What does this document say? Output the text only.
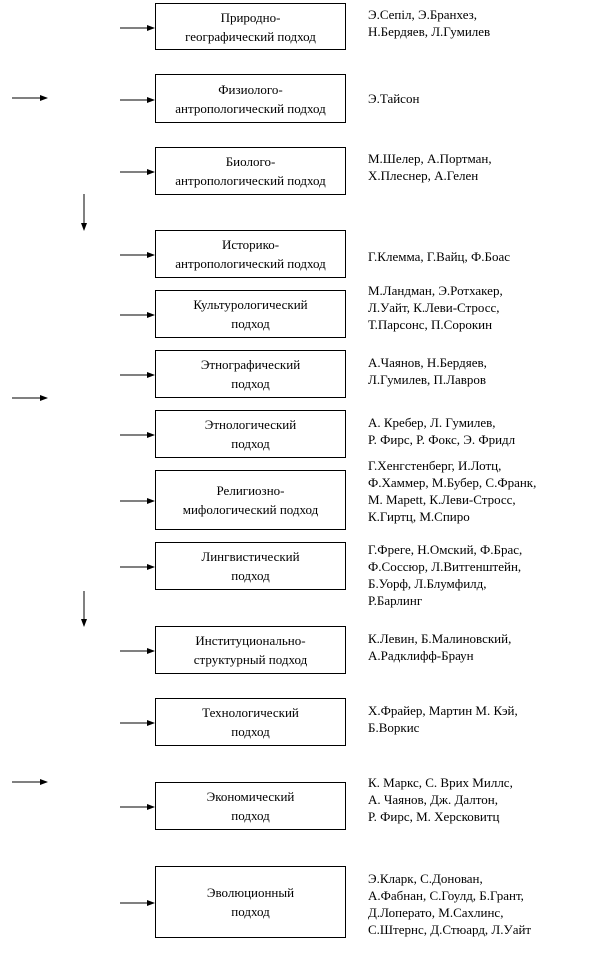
Природно-
географический подход
Э.Сепіл, Э.Бранхез,
Н.Бердяев, Л.Гумилев
Физиолого-
антропологический подход
Э.Тайсон
Биолого-
антропологический подход
М.Шелер, А.Портман,
Х.Плеснер, А.Гелен
Историко-
антропологический подход	Г.Клемма, Г.Вайц, Ф.Боас
Культурологический
подход
М.Ландман, Э.Ротхакер,
Л.Уайт, К.Леви-Стросс,
Т.Парсонс, П.Сорокин
Этнографический
подход
А.Чаянов, Н.Бердяев,
Л.Гумилев, П.Лавров
Этнологический
подход
А. Кребер, Л. Гумилев,
Р. Фирс, Р. Фокс, Э. Фридл
Религиозно-
мифологический подход
Г.Хенгстенберг, И.Лотц,
Ф.Хаммер, М.Бубер, С.Франк,
М. Марett, К.Леви-Стросс,
К.Гиртц, М.Спиро
Лингвистический
подход
Г.Фреге, Н.Омский, Ф.Брас,
Ф.Соссюр, Л.Витгенштейн,
Б.Уорф, Л.Блумфилд,
Р.Барлинг
Институционально-
структурный подход
К.Левин, Б.Малиновский,
А.Радклифф-Браун
Технологический
подход
Х.Фрайер, Мартин М. Кэй,
Б.Воркис
Экономический
подход
К. Маркс, С. Врих Миллс,
А. Чаянов, Дж. Далтон,
Р. Фирс, М. Херсковитц
Эволюционный
подход
Э.Кларк, С.Донован,
А.Фабнан, С.Гоулд, Б.Грант,
Д.Лоперато, М.Сахлинс,
С.Штернс, Д.Стюард, Л.Уайт
